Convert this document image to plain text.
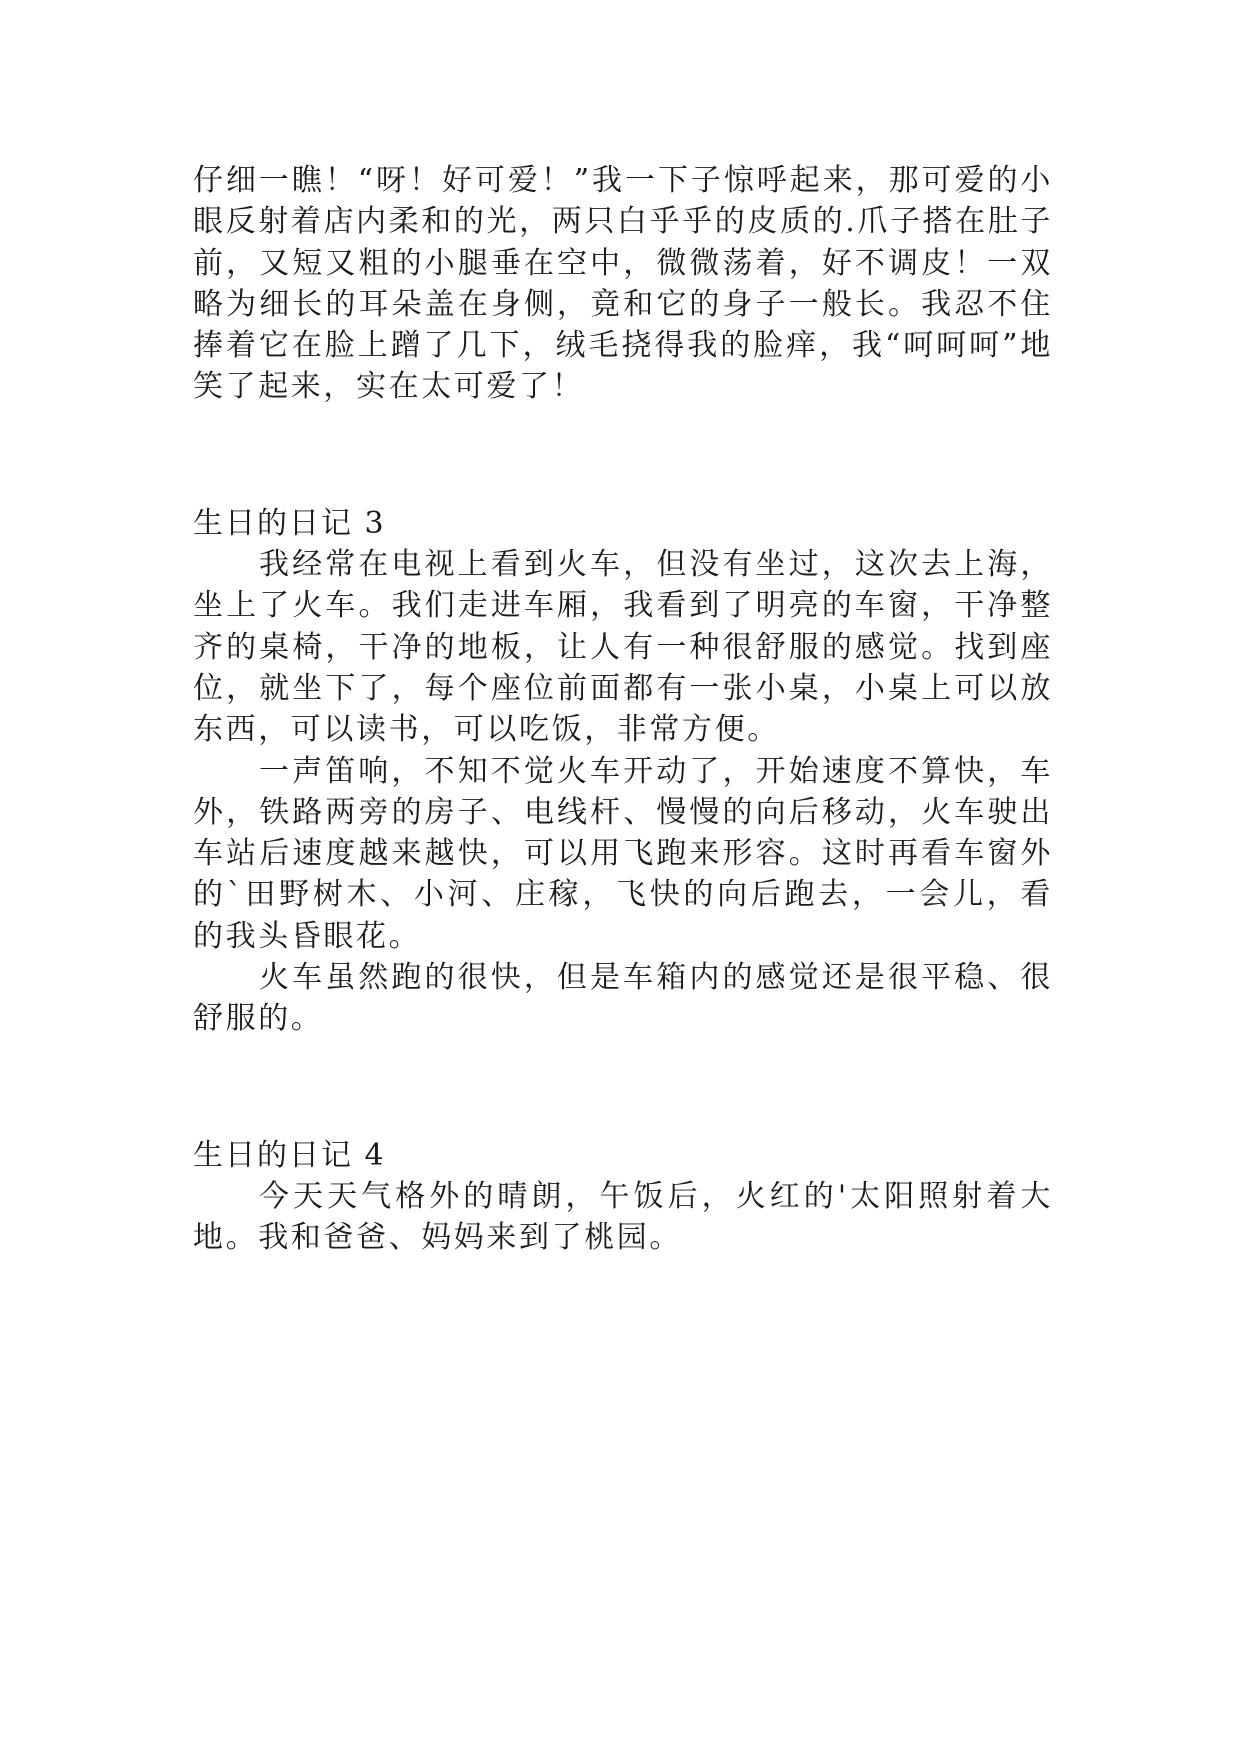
仔细一瞧！“呀！好可爱！”我一下子惊呼起来，那可爱的小眼反射着店内柔和的光，两只白乎乎的皮质的.爪子搭在肚子前，又短又粗的小腿垂在空中，微微荡着，好不调皮！一双略为细长的耳朵盖在身侧，竟和它的身子一般长。我忍不住捧着它在脸上蹭了几下，绒毛挠得我的脸痒，我“呵呵呵”地笑了起来，实在太可爱了！

生日的日记 3

我经常在电视上看到火车，但没有坐过，这次去上海，坐上了火车。我们走进车厢，我看到了明亮的车窗，干净整齐的桌椅，干净的地板，让人有一种很舒服的感觉。找到座位，就坐下了，每个座位前面都有一张小桌，小桌上可以放东西，可以读书，可以吃饭，非常方便。

一声笛响，不知不觉火车开动了，开始速度不算快，车外，铁路两旁的房子、电线杆、慢慢的向后移动，火车驶出车站后速度越来越快，可以用飞跑来形容。这时再看车窗外的`田野树木、小河、庄稼，飞快的向后跑去，一会儿，看的我头昏眼花。

火车虽然跑的很快，但是车箱内的感觉还是很平稳、很舒服的。

生日的日记 4

今天天气格外的晴朗，午饭后，火红的'太阳照射着大地。我和爸爸、妈妈来到了桃园。
